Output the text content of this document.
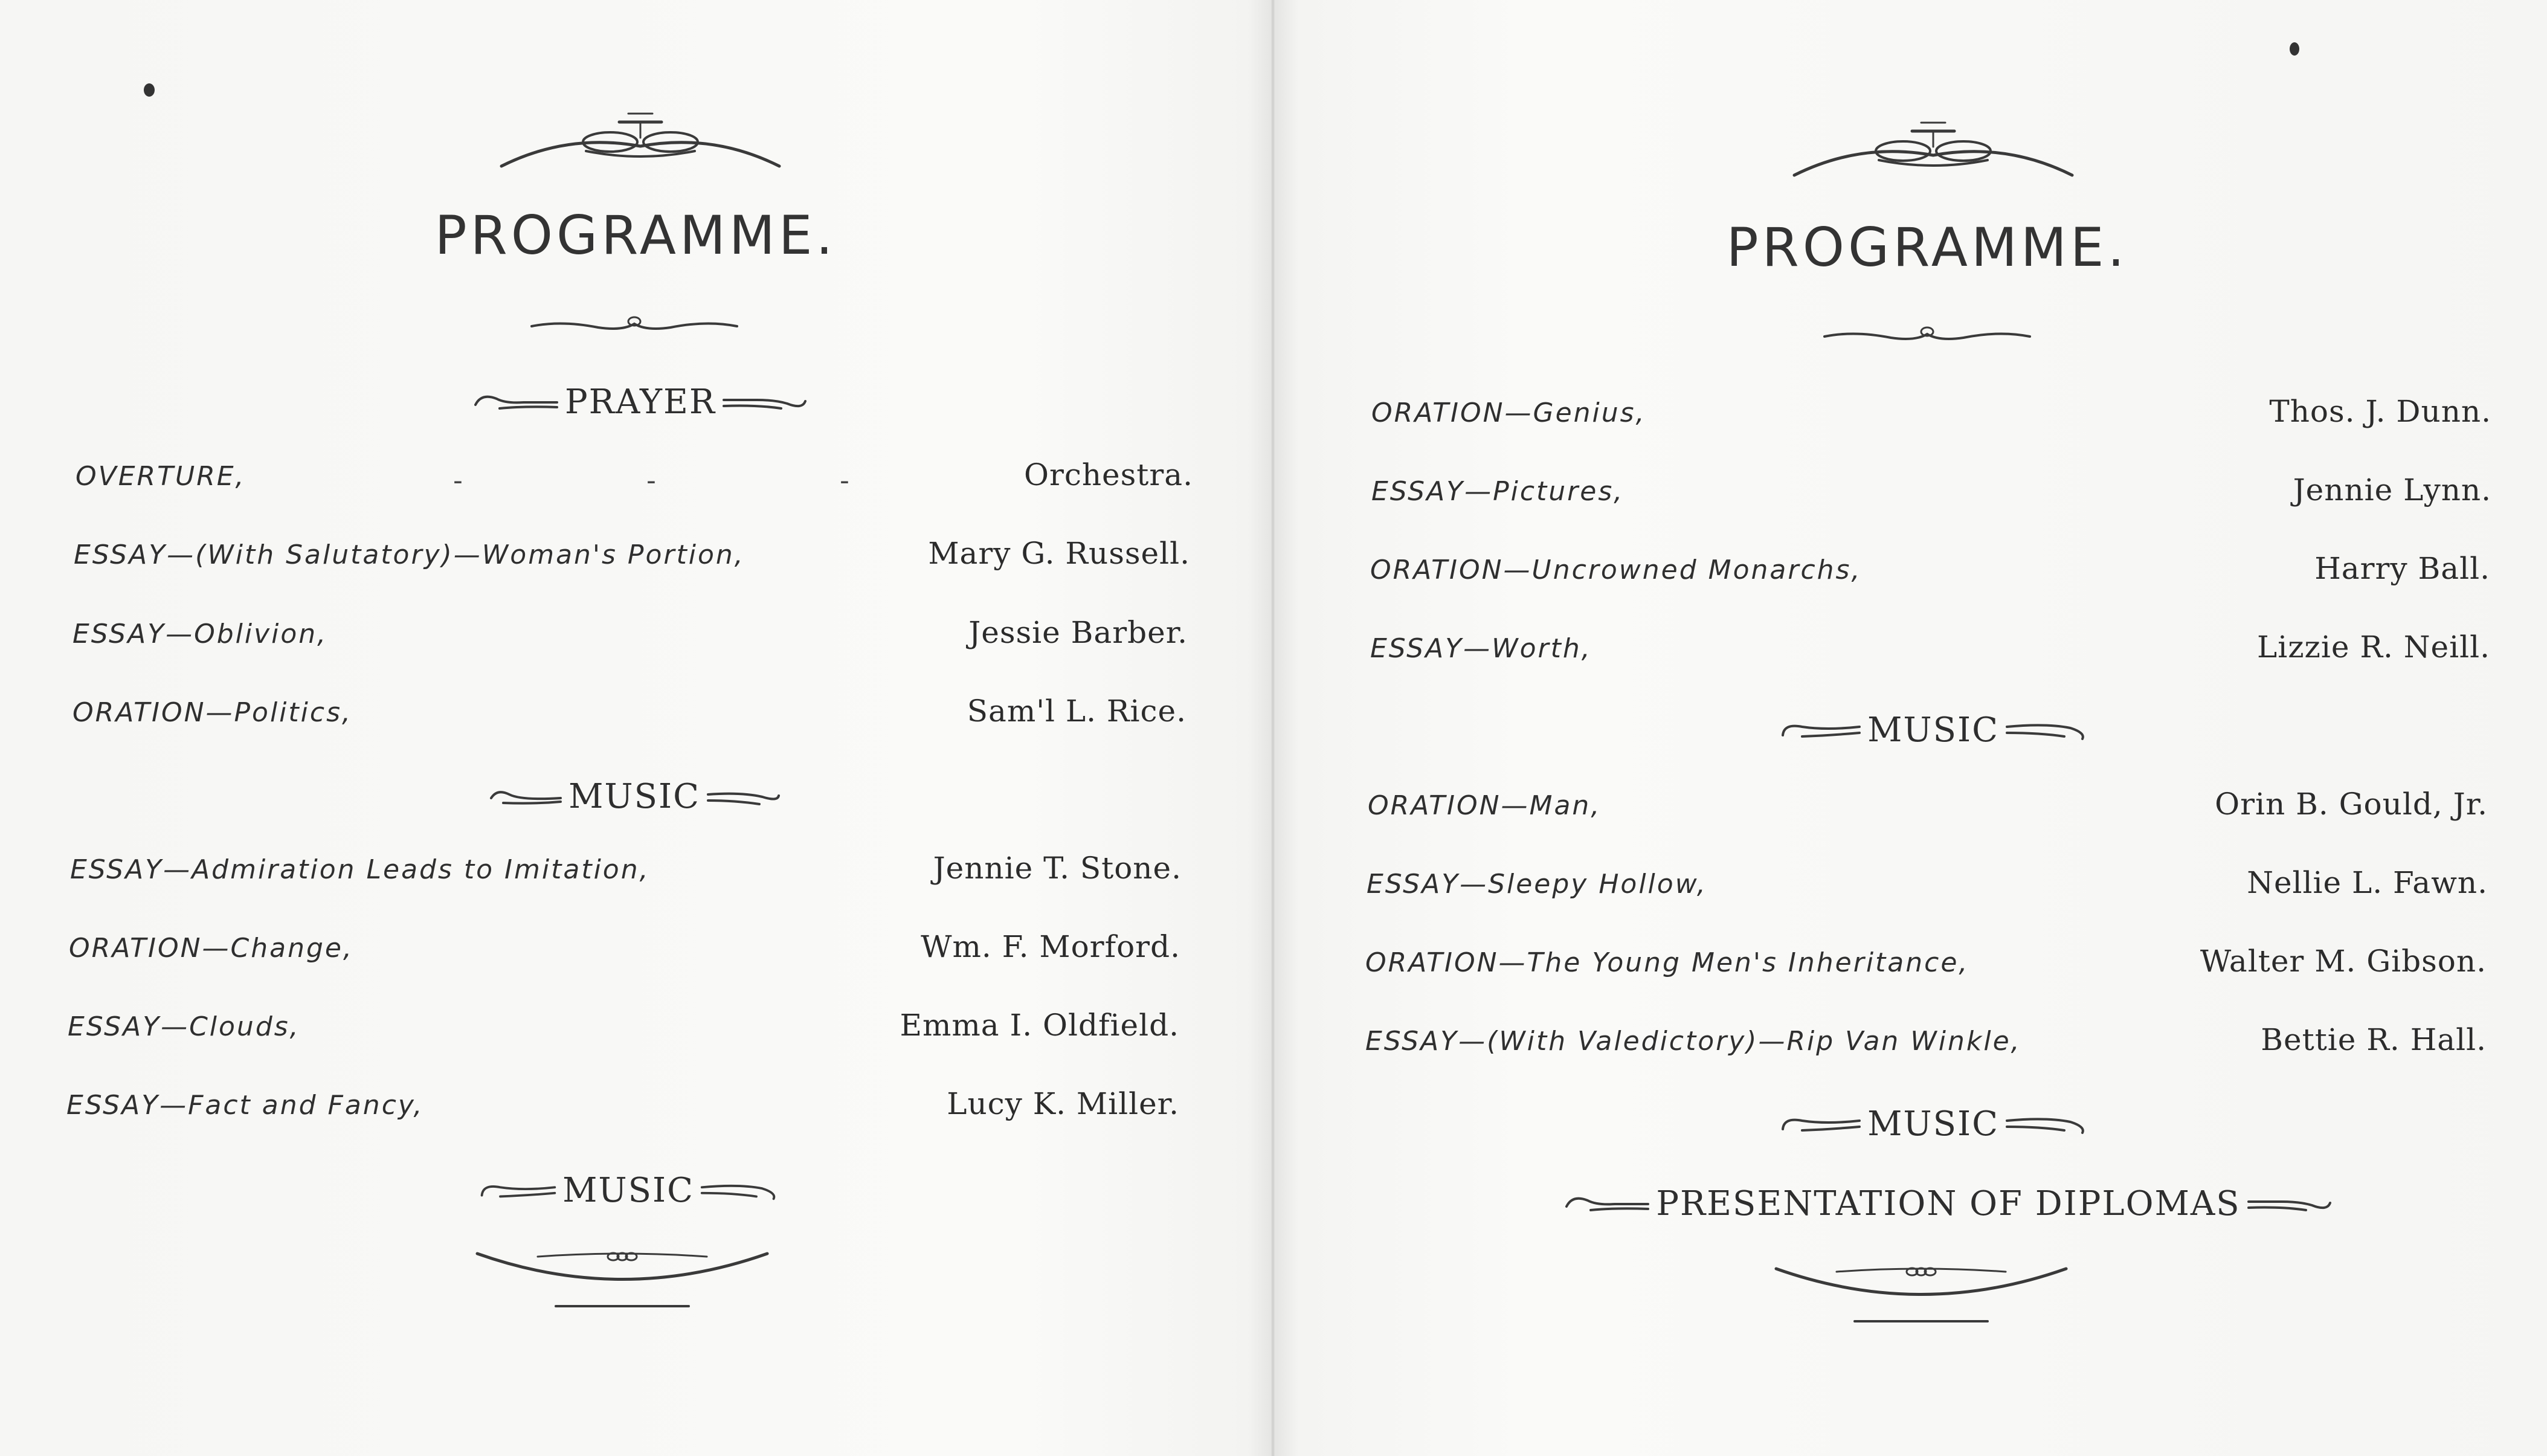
PROGRAMME.
PRAYER
OVERTURE,	Orchestra.
-	-	-
ESSAY—(With Salutatory)—Woman's Portion,	Mary G. Russell.
ESSAY—Oblivion,	Jessie Barber.
ORATION—Politics,	Sam'l L. Rice.
MUSIC
ESSAY—Admiration Leads to Imitation,	Jennie T. Stone.
ORATION—Change,	Wm. F. Morford.
ESSAY—Clouds,	Emma I. Oldfield.
ESSAY—Fact and Fancy,	Lucy K. Miller.
MUSIC
PROGRAMME.
ORATION—Genius,	Thos. J. Dunn.
ESSAY—Pictures,	Jennie Lynn.
ORATION—Uncrowned Monarchs,	Harry Ball.
ESSAY—Worth,	Lizzie R. Neill.
MUSIC
ORATION—Man,	Orin B. Gould, Jr.
ESSAY—Sleepy Hollow,	Nellie L. Fawn.
ORATION—The Young Men's Inheritance,	Walter M. Gibson.
ESSAY—(With Valedictory)—Rip Van Winkle,	Bettie R. Hall.
MUSIC
PRESENTATION OF DIPLOMAS
